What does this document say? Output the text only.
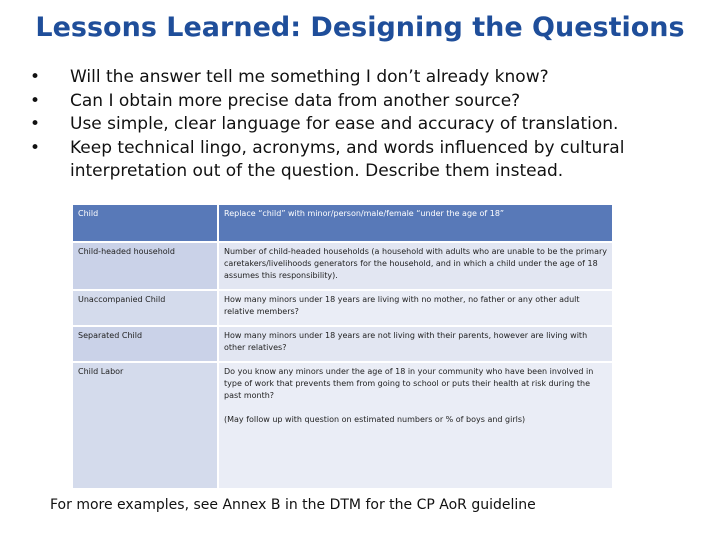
Lessons Learned: Designing the Questions
• Will the answer tell me something I don’t already know?
• Can I obtain more precise data from another source?
• Use simple, clear language for ease and accuracy of translation.
• Keep technical lingo, acronyms, and words influenced by cultural interpretation out of the question. Describe them instead.
Child	Replace “child” with minor/person/male/female “under the age of 18”
Child-headed household	Number of child-headed households (a household with adults who are unable to be the primary caretakers/livelihoods generators for the household, and in which a child under the age of 18 assumes this responsibility).
Unaccompanied Child	How many minors under 18 years are living with no mother, no father or any other adult relative members?
Separated Child	How many minors under 18 years are not living with their parents, however are living with other relatives?
Child Labor	Do you know any minors under the age of 18 in your community who have been involved in type of work that prevents them from going to school or puts their health at risk during the past month?
(May follow up with question on estimated numbers or % of boys and girls)
For more examples, see Annex B in the DTM for the CP AoR guideline
